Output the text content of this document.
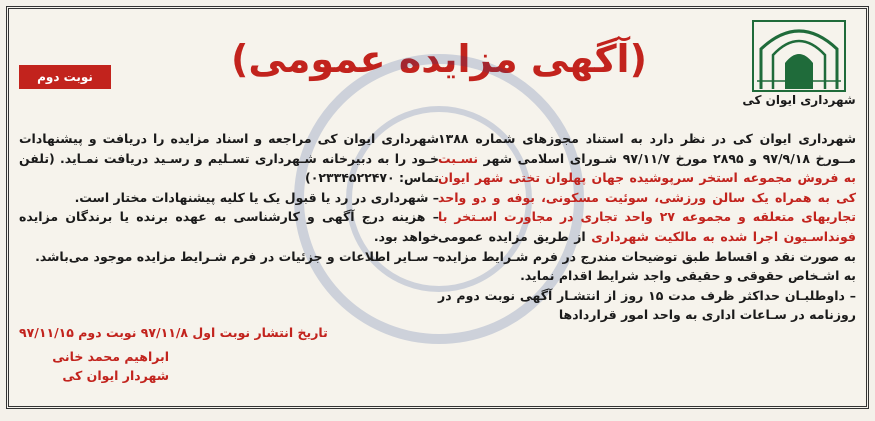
شهرداری ایوان کی
(آگهی مزایده عمومی)
نوبت دوم

شهرداری ایوان کی در نظر دارد به استناد مجوزهای شماره ۱۳۸۸ مــورخ ۹۷/۹/۱۸ و ۲۸۹۵ مورخ ۹۷/۱۱/۷ شـورای اسلامی شهر نسـبت به فروش مجموعه استخر سرپوشیده جهان پهلوان تختی شهر ایوان کی به همراه یک سالن ورزشی، سوئیت مسکونی، بوفه و دو واحد تجاریهای متعلقه و مجموعه ۲۷ واحد تجاری در مجاورت اسـتخر با فونداسـیون اجرا شده به مالکیت شهرداری از طریق مزایده عمومی به صورت نقد و اقساط طبق توضیحات مندرج در فرم شـرایط مزایده به اشـخاص حقوقی و حقیقی واجد شرایط اقدام نماید.

– داوطلبـان حداکثر ظرف مدت ۱۵ روز از انتشـار آگهی نوبت دوم در روزنامه در سـاعات اداری به واحد امور قراردادها

شهرداری ایوان کی مراجعه و اسناد مزایده را دریافت و پیشنهادات خـود را به دبیرخانه شـهرداری تسـلیم و رسـید دریافت نمـاید. (تلفن تماس: ۰۲۳۳۴۵۲۲۴۷۰)

– شهرداری در رد یا قبول یک یا کلیه پیشنهادات مختار است.

– هزینه درج آگهی و کارشناسی به عهده برنده یا برندگان مزایده خواهد بود.

– سـایر اطلاعات و جزئیات در فرم شـرایط مزایده موجود می‌باشد.

تاریخ انتشار نوبت اول ۹۷/۱۱/۸ نوبت دوم ۹۷/۱۱/۱۵
ابراهیم محمد خانی
شهردار ایوان کی
